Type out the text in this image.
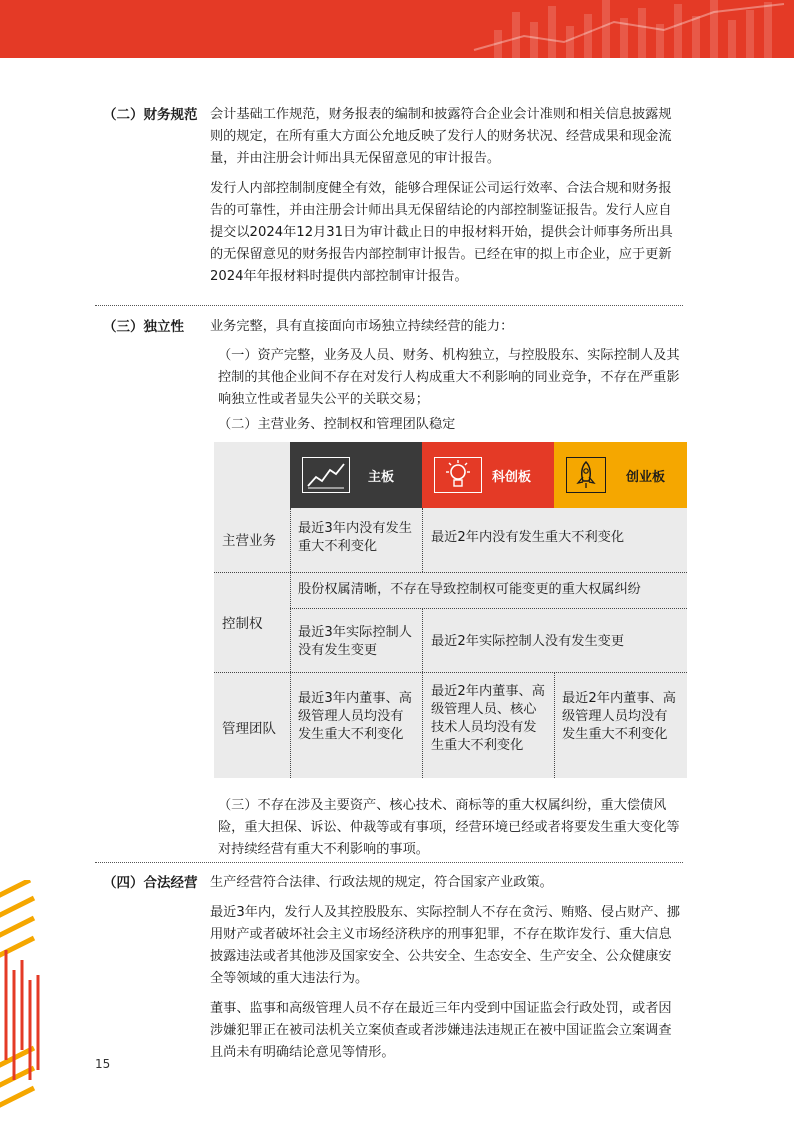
（二）财务规范 会计基础工作规范，财务报表的编制和披露符合企业会计准则和相关信息披露规则的规定，在所有重大方面公允地反映了发行人的财务状况、经营成果和现金流量，并由注册会计师出具无保留意见的审计报告。

发行人内部控制制度健全有效，能够合理保证公司运行效率、合法合规和财务报告的可靠性，并由注册会计师出具无保留结论的内部控制鉴证报告。发行人应自提交以2024年12月31日为审计截止日的申报材料开始，提供会计师事务所出具的无保留意见的财务报告内部控制审计报告。已经在审的拟上市企业，应于更新2024年年报材料时提供内部控制审计报告。

（三）独立性 业务完整，具有直接面向市场独立持续经营的能力：

（一）资产完整，业务及人员、财务、机构独立，与控股股东、实际控制人及其控制的其他企业间不存在对发行人构成重大不利影响的同业竞争，不存在严重影响独立性或者显失公平的关联交易；

（二）主营业务、控制权和管理团队稳定

主板	科创板	创业板
主营业务
控制权
管理团队
最近3年内没有发生重大不利变化
最近2年内没有发生重大不利变化
股份权属清晰，不存在导致控制权可能变更的重大权属纠纷
最近3年实际控制人没有发生变更
最近2年实际控制人没有发生变更
最近3年内董事、高级管理人员均没有发生重大不利变化
最近2年内董事、高级管理人员、核心技术人员均没有发生重大不利变化
最近2年内董事、高级管理人员均没有发生重大不利变化

（三）不存在涉及主要资产、核心技术、商标等的重大权属纠纷，重大偿债风险，重大担保、诉讼、仲裁等或有事项，经营环境已经或者将要发生重大变化等对持续经营有重大不利影响的事项。

（四）合法经营 生产经营符合法律、行政法规的规定，符合国家产业政策。

最近3年内，发行人及其控股股东、实际控制人不存在贪污、贿赂、侵占财产、挪用财产或者破坏社会主义市场经济秩序的刑事犯罪，不存在欺诈发行、重大信息披露违法或者其他涉及国家安全、公共安全、生态安全、生产安全、公众健康安全等领域的重大违法行为。

董事、监事和高级管理人员不存在最近三年内受到中国证监会行政处罚，或者因涉嫌犯罪正在被司法机关立案侦查或者涉嫌违法违规正在被中国证监会立案调查且尚未有明确结论意见等情形。

15
